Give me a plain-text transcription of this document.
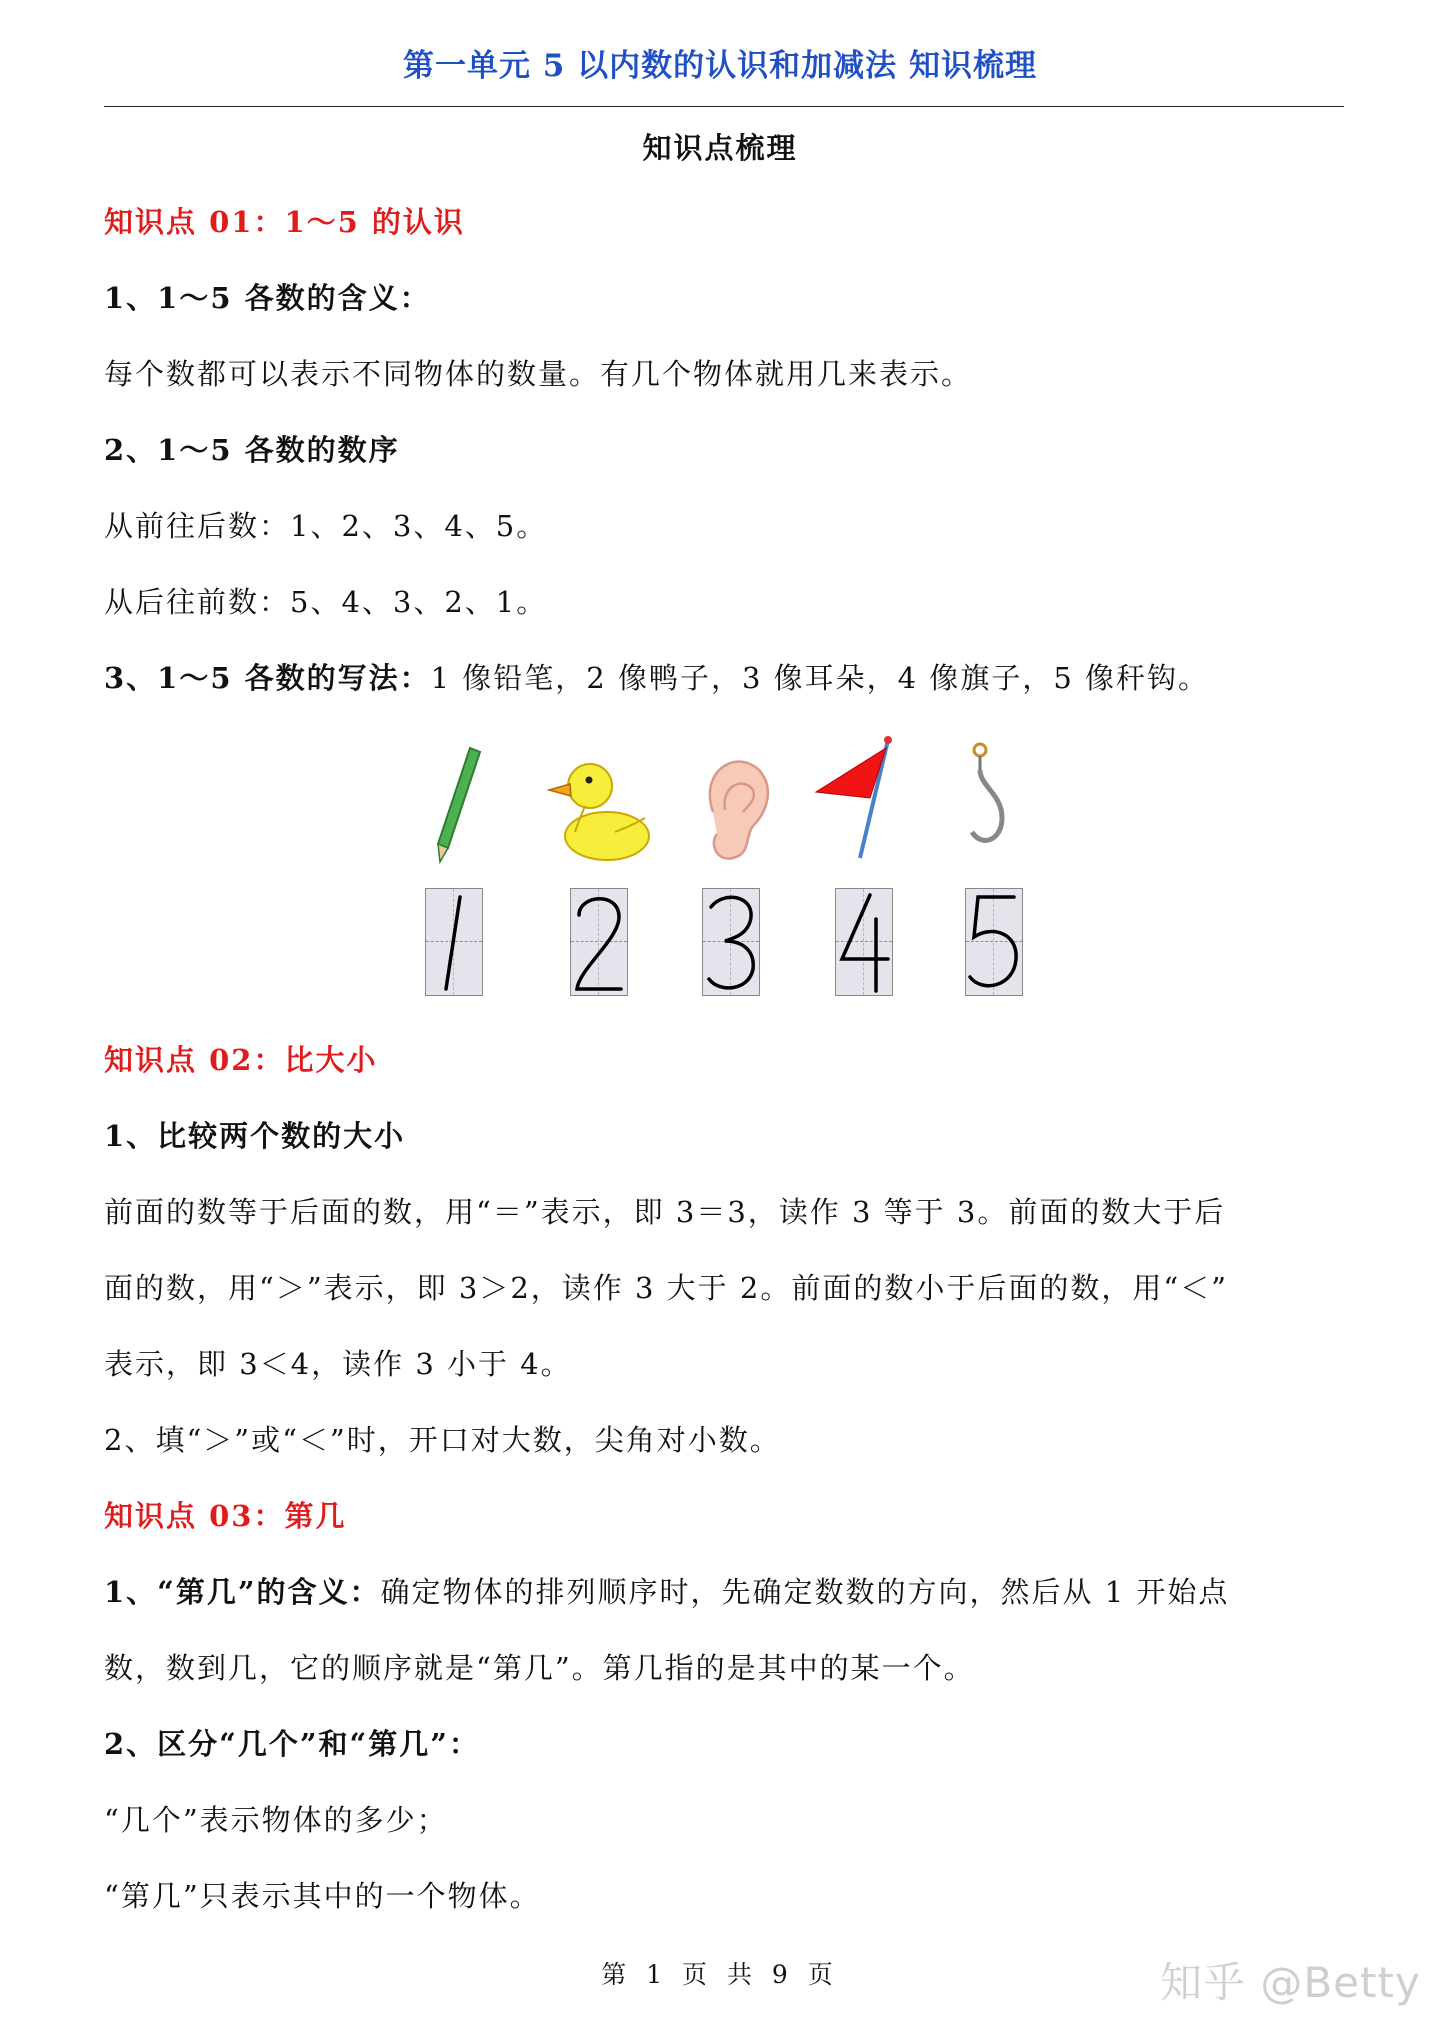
第一单元 5 以内数的认识和加减法 知识梳理
知识点梳理
知识点 01：1～5 的认识
1、1～5 各数的含义：
每个数都可以表示不同物体的数量。有几个物体就用几来表示。
2、1～5 各数的数序
从前往后数：1、2、3、4、5。
从后往前数：5、4、3、2、1。
3、1～5 各数的写法：1 像铅笔，2 像鸭子，3 像耳朵，4 像旗子，5 像秆钩。
知识点 02：比大小
1、比较两个数的大小
前面的数等于后面的数，用“＝”表示，即 3＝3，读作 3 等于 3。前面的数大于后
面的数，用“＞”表示，即 3＞2，读作 3 大于 2。前面的数小于后面的数，用“＜”
表示，即 3＜4，读作 3 小于 4。
2、填“＞”或“＜”时，开口对大数，尖角对小数。
知识点 03：第几
1、“第几”的含义：确定物体的排列顺序时，先确定数数的方向，然后从 1 开始点
数，数到几，它的顺序就是“第几”。第几指的是其中的某一个。
2、区分“几个”和“第几”：
“几个”表示物体的多少；
“第几”只表示其中的一个物体。
第 1 页 共 9 页	知乎 @Betty
